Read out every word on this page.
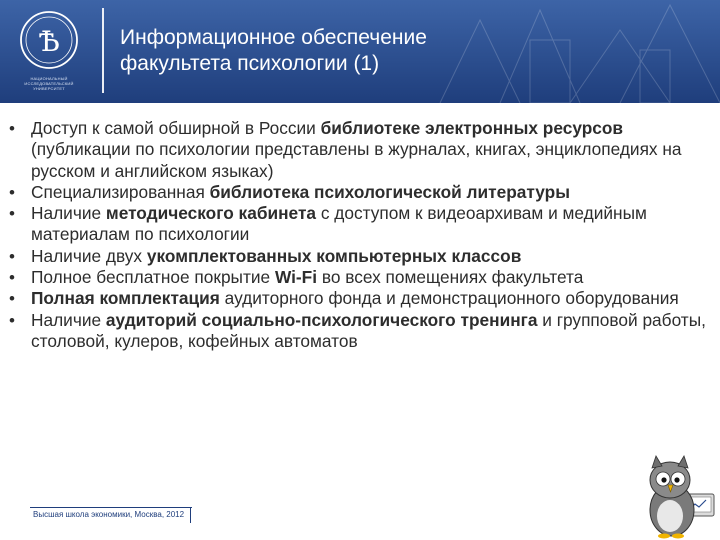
Ѣ
НАЦИОНАЛЬНЫЙ ИССЛЕДОВАТЕЛЬСКИЙ
УНИВЕРСИТЕТ
Информационное обеспечение
факультета психологии (1)
• Доступ к самой обширной в России библиотеке электронных ресурсов (публикации по психологии представлены в журналах, книгах, энциклопедиях на русском и английском языках)
• Специализированная библиотека психологической литературы
• Наличие методического кабинета с доступом к видеоархивам и медийным материалам по психологии
• Наличие двух укомплектованных компьютерных классов
• Полное бесплатное покрытие Wi-Fi во всех помещениях факультета
• Полная комплектация аудиторного фонда и демонстрационного оборудования
• Наличие аудиторий социально-психологического тренинга и групповой работы, столовой, кулеров, кофейных автоматов
Высшая школа экономики, Москва, 2012
